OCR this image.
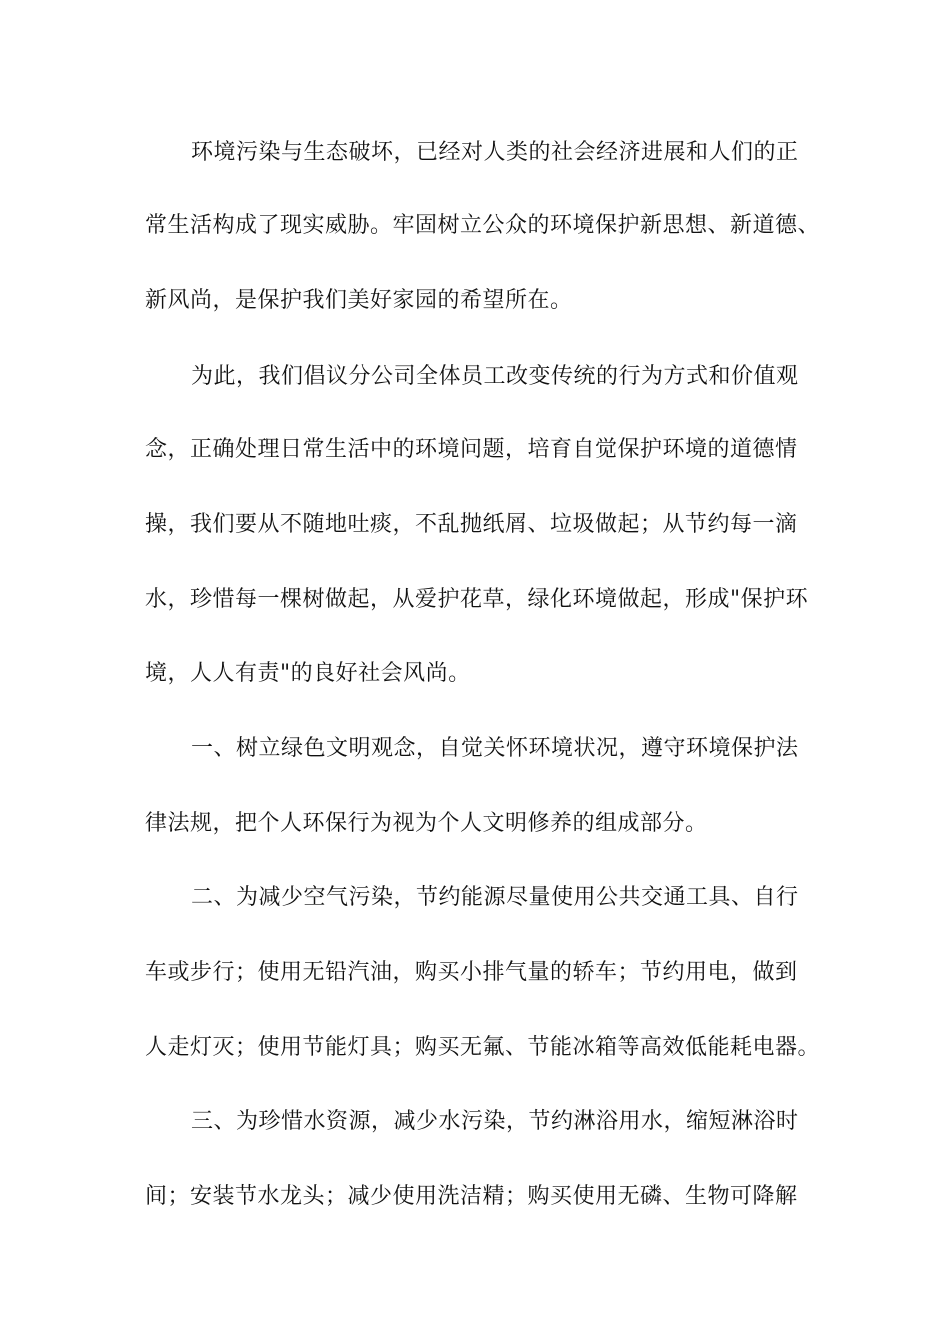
环境污染与生态破坏，已经对人类的社会经济进展和人们的正
常生活构成了现实威胁。牢固树立公众的环境保护新思想、新道德、
新风尚，是保护我们美好家园的希望所在。
为此，我们倡议分公司全体员工改变传统的行为方式和价值观
念，正确处理日常生活中的环境问题，培育自觉保护环境的道德情
操，我们要从不随地吐痰，不乱抛纸屑、垃圾做起；从节约每一滴
水，珍惜每一棵树做起，从爱护花草，绿化环境做起，形成"保护环
境，人人有责"的良好社会风尚。
一、树立绿色文明观念，自觉关怀环境状况，遵守环境保护法
律法规，把个人环保行为视为个人文明修养的组成部分。
二、为减少空气污染，节约能源尽量使用公共交通工具、自行
车或步行；使用无铅汽油，购买小排气量的轿车；节约用电，做到
人走灯灭；使用节能灯具；购买无氟、节能冰箱等高效低能耗电器。
三、为珍惜水资源，减少水污染，节约淋浴用水，缩短淋浴时
间；安装节水龙头；减少使用洗洁精；购买使用无磷、生物可降解
